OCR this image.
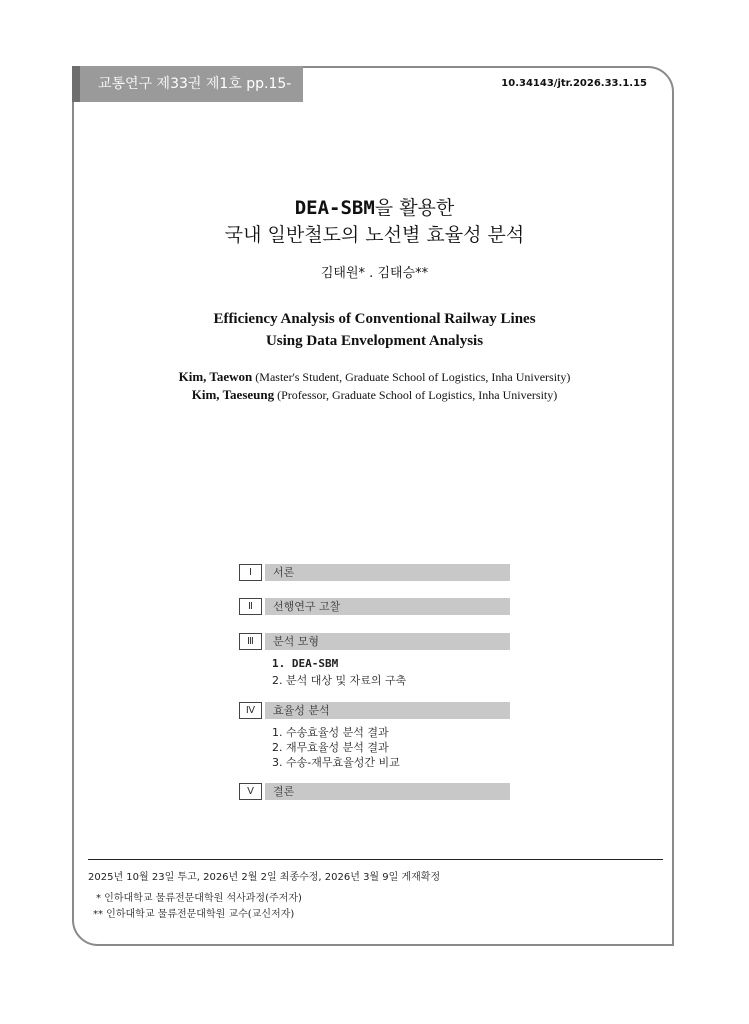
교통연구 제33권 제1호 pp.15-29
10.34143/jtr.2026.33.1.15
DEA-SBM을 활용한
국내 일반철도의 노선별 효율성 분석
김태원* . 김태승**
Efficiency Analysis of Conventional Railway Lines
Using Data Envelopment Analysis
Kim, Taewon (Master's Student, Graduate School of Logistics, Inha University)
Kim, Taeseung (Professor, Graduate School of Logistics, Inha University)
Ⅰ	서론
Ⅱ	선행연구 고찰
Ⅲ	분석 모형
1. DEA-SBM
2. 분석 대상 및 자료의 구축
Ⅳ	효율성 분석
1. 수송효율성 분석 결과
2. 재무효율성 분석 결과
3. 수송-재무효율성간 비교
Ⅴ	결론
2025년 10월 23일 투고, 2026년 2월 2일 최종수정, 2026년 3월 9일 게재확정
* 인하대학교 물류전문대학원 석사과정(주저자)
** 인하대학교 물류전문대학원 교수(교신저자)
